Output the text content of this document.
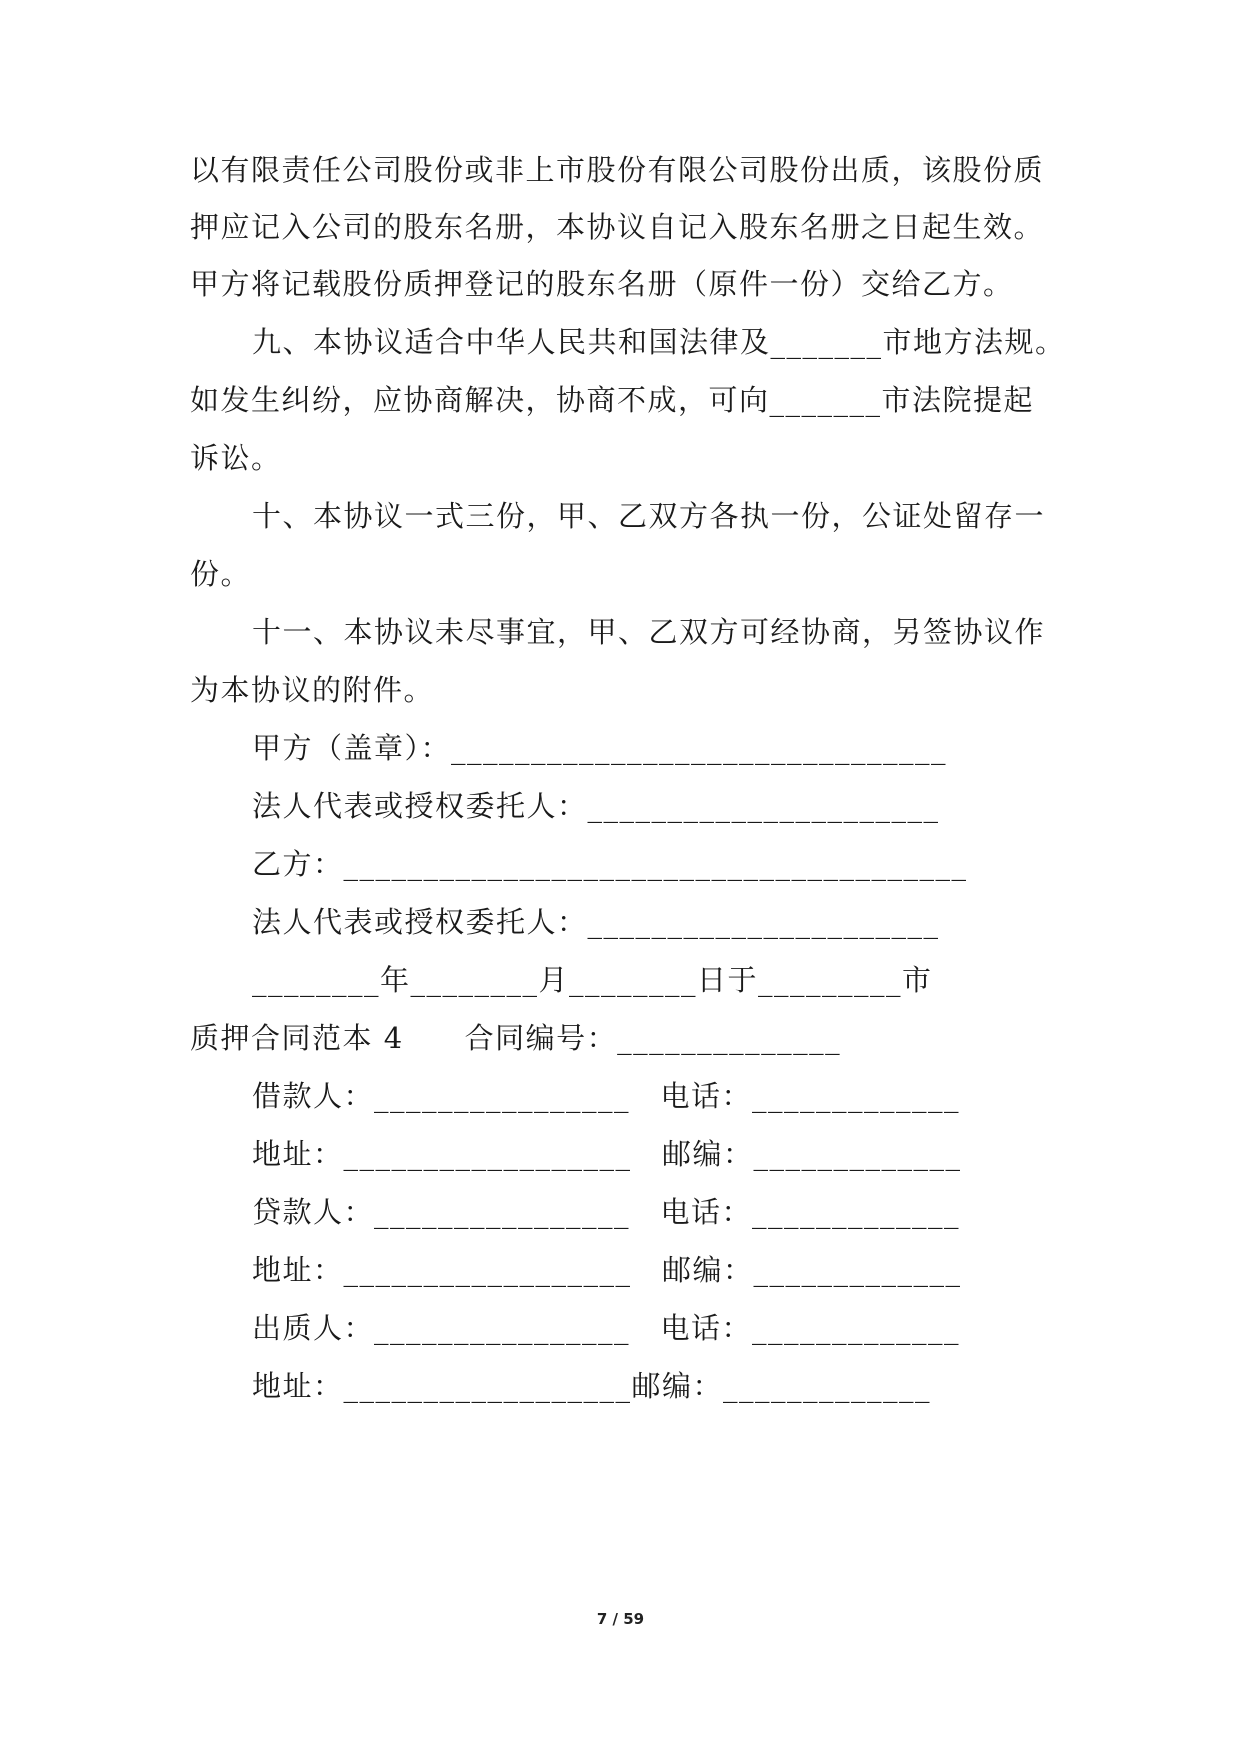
以有限责任公司股份或非上市股份有限公司股份出质，该股份质
押应记入公司的股东名册，本协议自记入股东名册之日起生效。
甲方将记载股份质押登记的股东名册（原件一份）交给乙方。
九、本协议适合中华人民共和国法律及_______市地方法规。
如发生纠纷，应协商解决，协商不成，可向_______市法院提起
诉讼。
十、本协议一式三份，甲、乙双方各执一份，公证处留存一
份。
十一、本协议未尽事宜，甲、乙双方可经协商，另签协议作
为本协议的附件。
甲方（盖章）：_______________________________
法人代表或授权委托人：______________________
乙方：_______________________________________
法人代表或授权委托人：______________________
________年________月________日于_________市
质押合同范本 4　　合同编号：______________
借款人：________________　电话：_____________
地址：__________________　邮编：_____________
贷款人：________________　电话：_____________
地址：__________________　邮编：_____________
出质人：________________　电话：_____________
地址：__________________邮编：_____________
7 / 59
